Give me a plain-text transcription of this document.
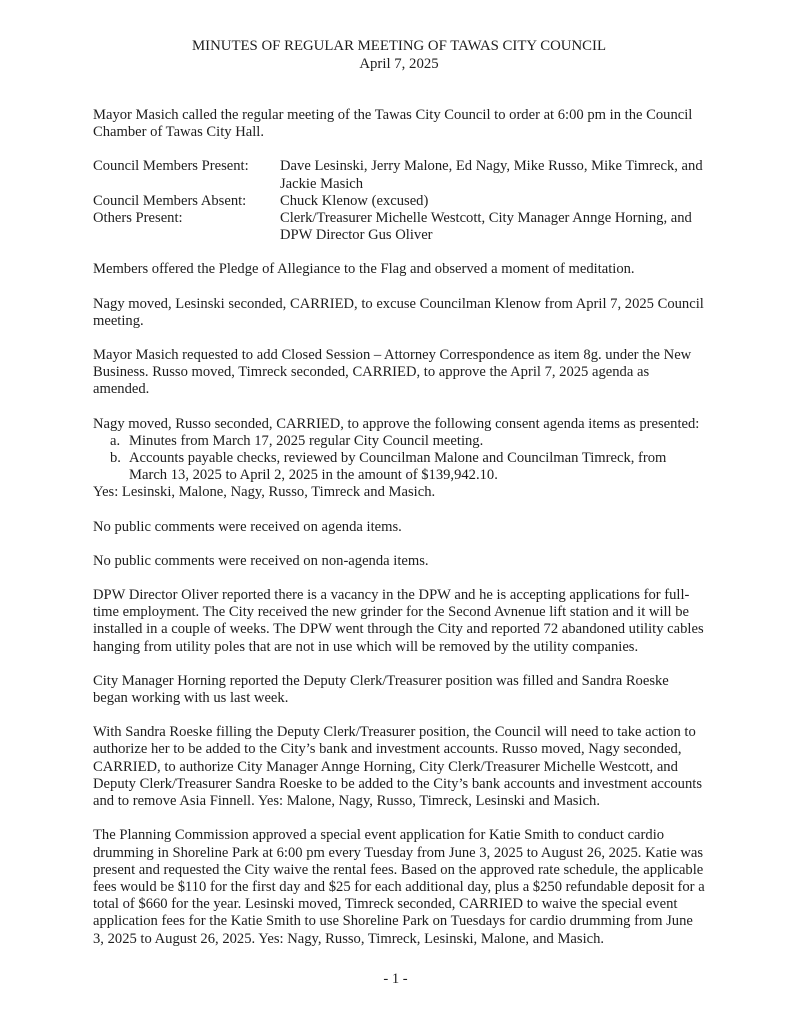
MINUTES OF REGULAR MEETING OF TAWAS CITY COUNCIL
April 7, 2025

Mayor Masich called the regular meeting of the Tawas City Council to order at 6:00 pm in the Council Chamber of Tawas City Hall.

Council Members Present:	Dave Lesinski, Jerry Malone, Ed Nagy, Mike Russo, Mike Timreck, and Jackie Masich
Council Members Absent:	Chuck Klenow (excused)
Others Present:	Clerk/Treasurer Michelle Westcott, City Manager Annge Horning, and DPW Director Gus Oliver

Members offered the Pledge of Allegiance to the Flag and observed a moment of meditation.

Nagy moved, Lesinski seconded, CARRIED, to excuse Councilman Klenow from April 7, 2025 Council meeting.

Mayor Masich requested to add Closed Session – Attorney Correspondence as item 8g. under the New Business. Russo moved, Timreck seconded, CARRIED, to approve the April 7, 2025 agenda as amended.

Nagy moved, Russo seconded, CARRIED, to approve the following consent agenda items as presented:
a. Minutes from March 17, 2025 regular City Council meeting.
b. Accounts payable checks, reviewed by Councilman Malone and Councilman Timreck, from March 13, 2025 to April 2, 2025 in the amount of $139,942.10.
Yes: Lesinski, Malone, Nagy, Russo, Timreck and Masich.

No public comments were received on agenda items.

No public comments were received on non-agenda items.

DPW Director Oliver reported there is a vacancy in the DPW and he is accepting applications for full-time employment. The City received the new grinder for the Second Avnenue lift station and it will be installed in a couple of weeks. The DPW went through the City and reported 72 abandoned utility cables hanging from utility poles that are not in use which will be removed by the utility companies.

City Manager Horning reported the Deputy Clerk/Treasurer position was filled and Sandra Roeske began working with us last week.

With Sandra Roeske filling the Deputy Clerk/Treasurer position, the Council will need to take action to authorize her to be added to the City’s bank and investment accounts. Russo moved, Nagy seconded, CARRIED, to authorize City Manager Annge Horning, City Clerk/Treasurer Michelle Westcott, and Deputy Clerk/Treasurer Sandra Roeske to be added to the City’s bank accounts and investment accounts and to remove Asia Finnell. Yes: Malone, Nagy, Russo, Timreck, Lesinski and Masich.

The Planning Commission approved a special event application for Katie Smith to conduct cardio drumming in Shoreline Park at 6:00 pm every Tuesday from June 3, 2025 to August 26, 2025. Katie was present and requested the City waive the rental fees. Based on the approved rate schedule, the applicable fees would be $110 for the first day and $25 for each additional day, plus a $250 refundable deposit for a total of $660 for the year. Lesinski moved, Timreck seconded, CARRIED to waive the special event application fees for the Katie Smith to use Shoreline Park on Tuesdays for cardio drumming from June 3, 2025 to August 26, 2025. Yes: Nagy, Russo, Timreck, Lesinski, Malone, and Masich.

- 1 -
